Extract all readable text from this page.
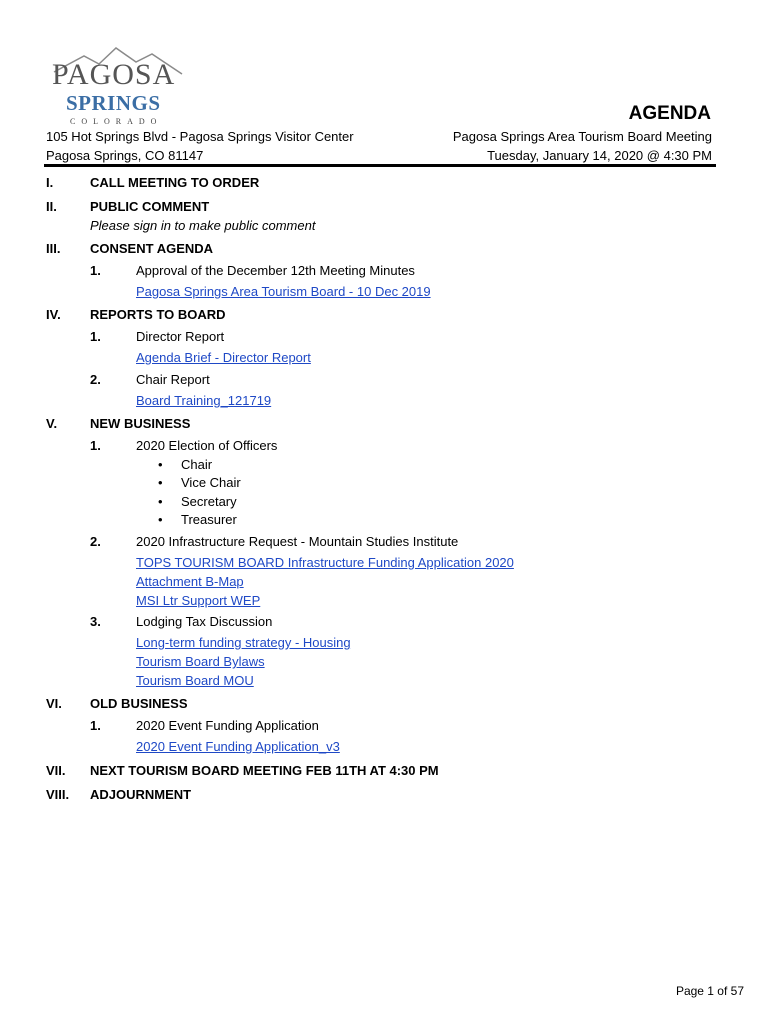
PAGOSA
SPRINGS
COLORADO	AGENDA
105 Hot Springs Blvd - Pagosa Springs Visitor Center
Pagosa Springs, CO 81147
Pagosa Springs Area Tourism Board Meeting
Tuesday, January 14, 2020 @ 4:30 PM
I.	CALL MEETING TO ORDER
II.	PUBLIC COMMENT
Please sign in to make public comment
III. CONSENT AGENDA
1.	Approval of the December 12th Meeting Minutes
Pagosa Springs Area Tourism Board - 10 Dec 2019
IV. REPORTS TO BOARD
1.	Director Report
Agenda Brief - Director Report
2.	Chair Report
Board Training_121719
V.	NEW BUSINESS
1.	2020 Election of Officers
• Chair
• Vice Chair
• Secretary
• Treasurer
2.	2020 Infrastructure Request - Mountain Studies Institute
TOPS TOURISM BOARD Infrastructure Funding Application 2020
Attachment B-Map
MSI Ltr Support WEP
3.	Lodging Tax Discussion
Long-term funding strategy - Housing
Tourism Board Bylaws
Tourism Board MOU
VI. OLD BUSINESS
1.	2020 Event Funding Application
2020 Event Funding Application_v3
VII. NEXT TOURISM BOARD MEETING FEB 11TH AT 4:30 PM
VIII. ADJOURNMENT
Page 1 of 57
